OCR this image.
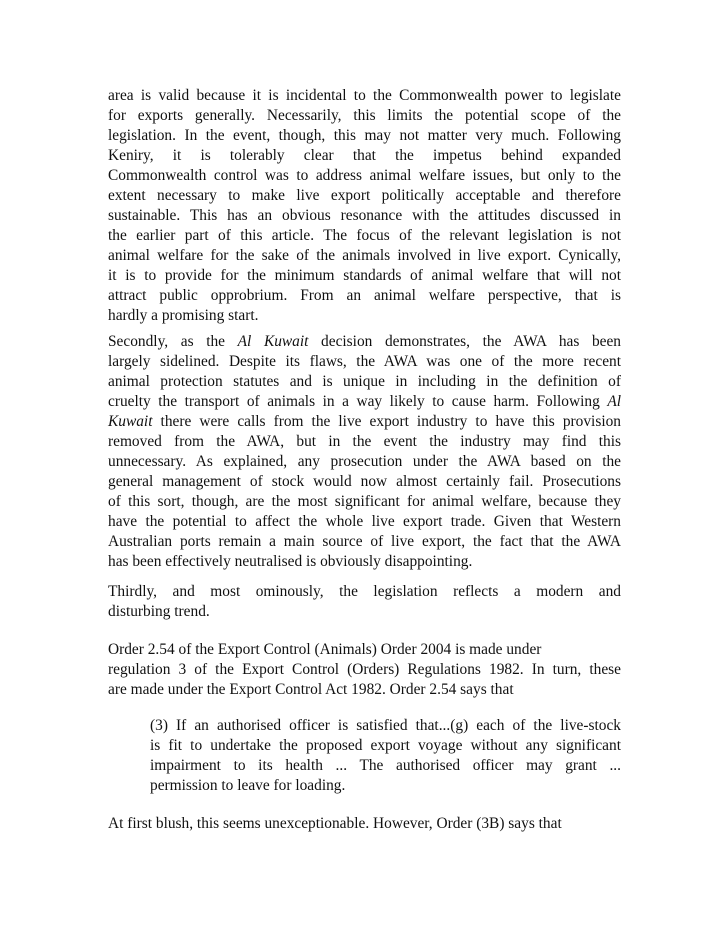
area is valid because it is incidental to the Commonwealth power to legislate
for exports generally. Necessarily, this limits the potential scope of the
legislation. In the event, though, this may not matter very much. Following
Keniry, it is tolerably clear that the impetus behind expanded
Commonwealth control was to address animal welfare issues, but only to the
extent necessary to make live export politically acceptable and therefore
sustainable. This has an obvious resonance with the attitudes discussed in
the earlier part of this article. The focus of the relevant legislation is not
animal welfare for the sake of the animals involved in live export. Cynically,
it is to provide for the minimum standards of animal welfare that will not
attract public opprobrium. From an animal welfare perspective, that is
hardly a promising start.

Secondly, as the Al Kuwait decision demonstrates, the AWA has been
largely sidelined. Despite its flaws, the AWA was one of the more recent
animal protection statutes and is unique in including in the definition of
cruelty the transport of animals in a way likely to cause harm. Following Al
Kuwait there were calls from the live export industry to have this provision
removed from the AWA, but in the event the industry may find this
unnecessary. As explained, any prosecution under the AWA based on the
general management of stock would now almost certainly fail. Prosecutions
of this sort, though, are the most significant for animal welfare, because they
have the potential to affect the whole live export trade. Given that Western
Australian ports remain a main source of live export, the fact that the AWA
has been effectively neutralised is obviously disappointing.

Thirdly, and most ominously, the legislation reflects a modern and
disturbing trend.

Order 2.54 of the Export Control (Animals) Order 2004 is made under
regulation 3 of the Export Control (Orders) Regulations 1982. In turn, these
are made under the Export Control Act 1982. Order 2.54 says that

(3) If an authorised officer is satisfied that...(g) each of the live-stock
is fit to undertake the proposed export voyage without any significant
impairment to its health ... The authorised officer may grant ...
permission to leave for loading.

At first blush, this seems unexceptionable. However, Order (3B) says that
